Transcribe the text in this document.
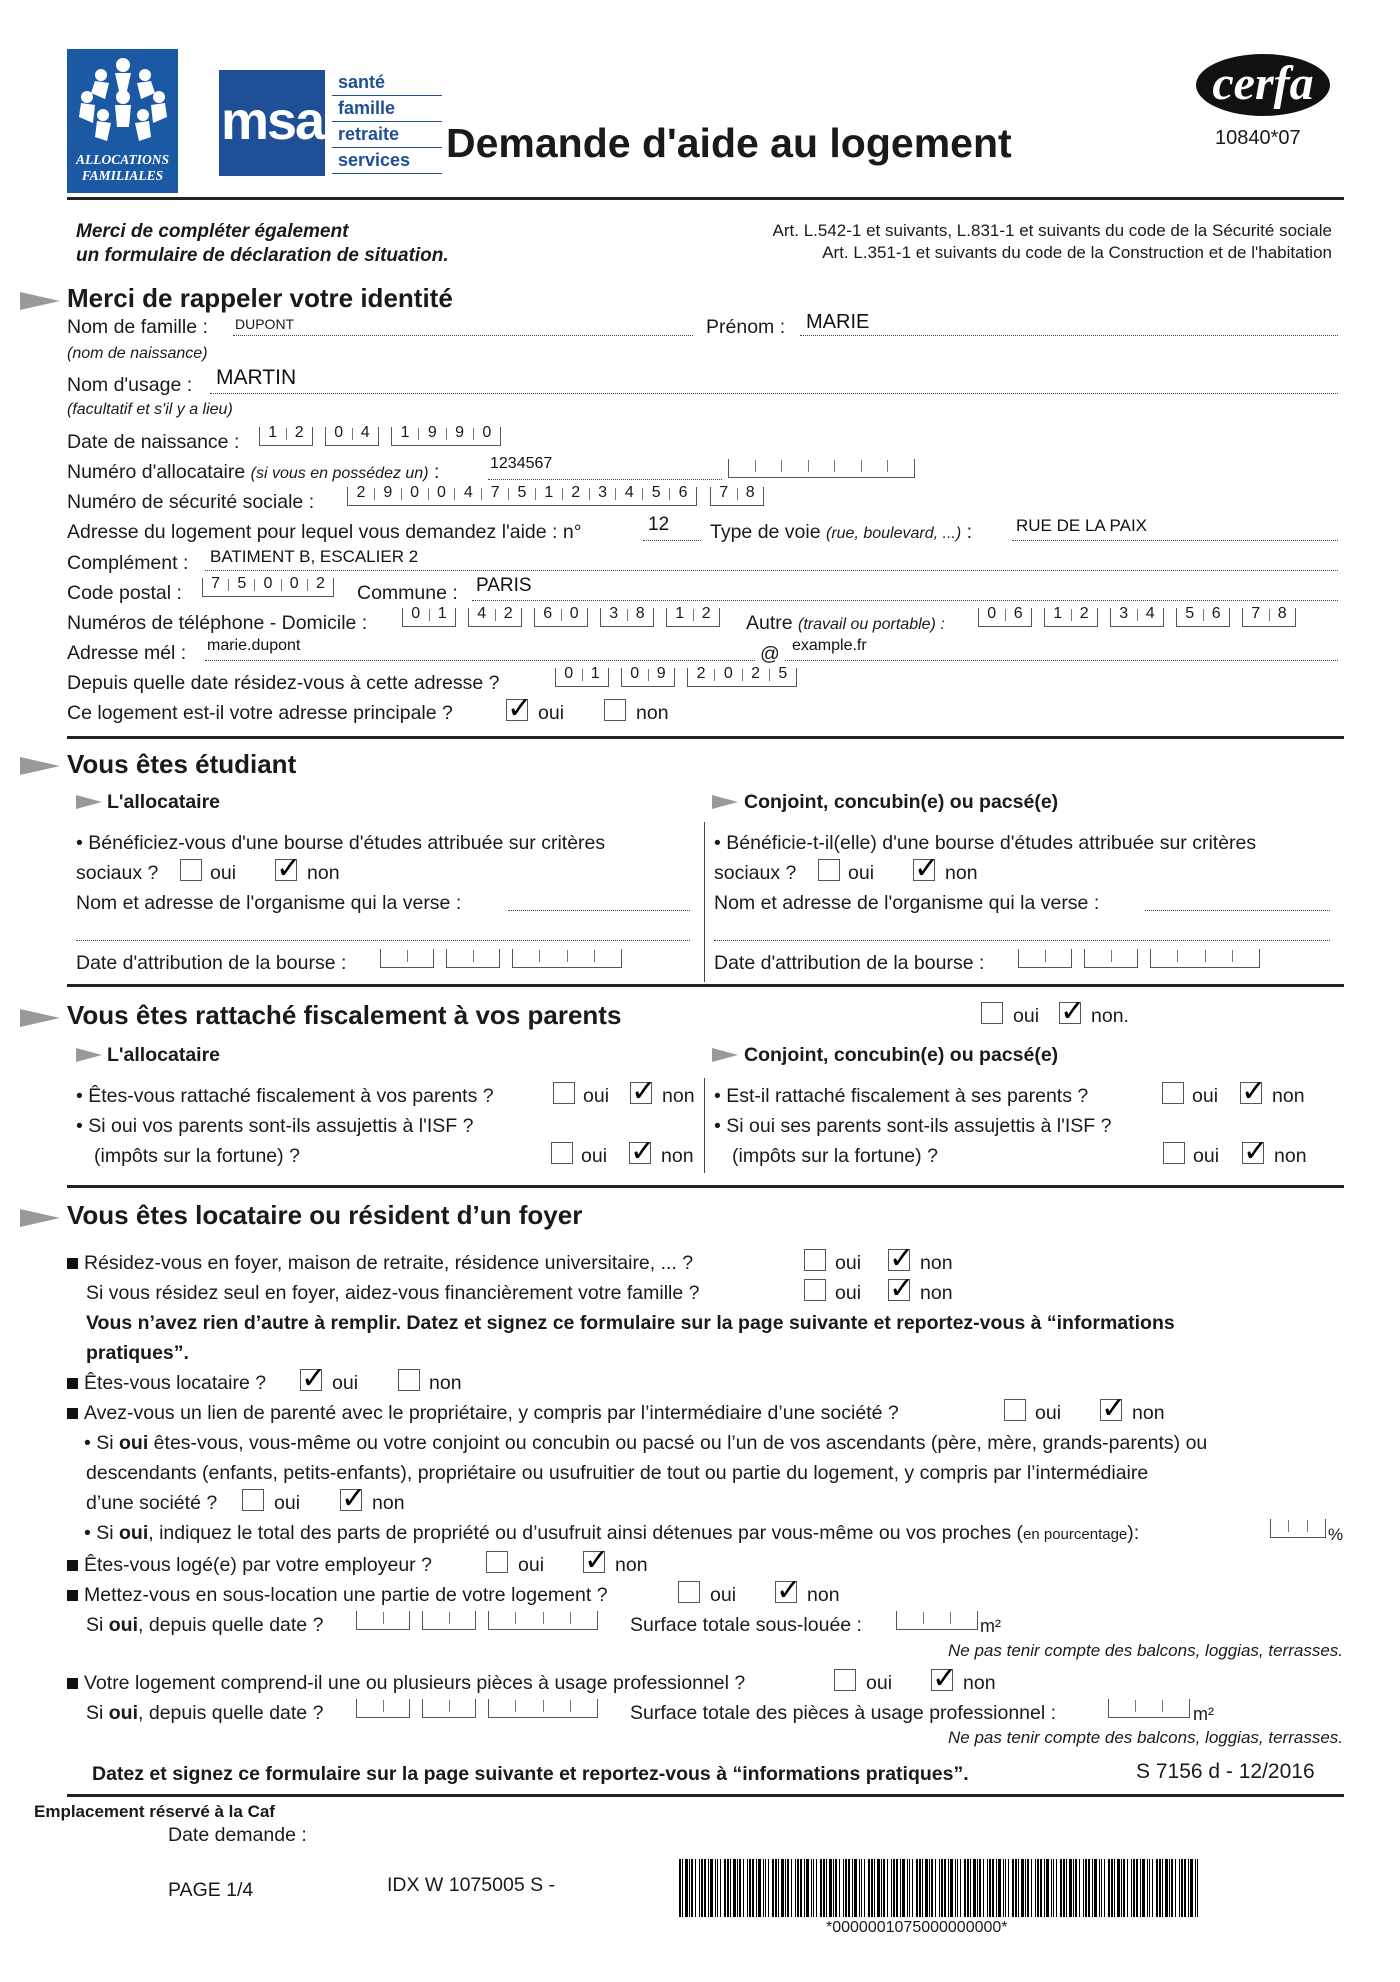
ALLOCATIONS FAMILIALES
msa
santé
famille
retraite
services Demande d'aide au logement
cerfa
10840*07
Merci de compléter également
un formulaire de déclaration de situation.
Art. L.542-1 et suivants, L.831-1 et suivants du code de la Sécurité sociale
Art. L.351-1 et suivants du code de la Construction et de l'habitation
Merci de rappeler votre identité
Nom de famille : DUPONT	Prénom : MARIE
(nom de naissance)
Nom d'usage : MARTIN
(facultatif et s'il y a lieu)
Date de naissance :	1	2	0	4	1	9	9	0
Numéro d'allocataire (si vous en possédez un) :	1234567
Numéro de sécurité sociale :	2	9	0	0	4	7	5	1	2	3	4	5	6	7	8
Adresse du logement pour lequel vous demandez l'aide : n°	12 Type de voie (rue, boulevard, ...) :	RUE DE LA PAIX
Complément : BATIMENT B, ESCALIER 2
Code postal :	7	5	0	0	2	Commune : PARIS
Numéros de téléphone - Domicile :	0	1	4	2	6	0	3	8	1	2	Autre (travail ou portable) :
0	6	1	2	3	4	5	6	7	8
Adresse mél : marie.dupont	@ example.fr
Depuis quelle date résidez-vous à cette adresse ?	0	1	0	9	2	0	2	5
Ce logement est-il votre adresse principale ? ✓	oui	non
Vous êtes étudiant
L'allocataire	Conjoint, concubin(e) ou pacsé(e)
• Bénéficiez-vous d'une bourse d'études attribuée sur critères
sociaux ?	oui ✓	non
Nom et adresse de l'organisme qui la verse :
Date d'attribution de la bourse :
• Bénéficie-t-il(elle) d'une bourse d'études attribuée sur critères
sociaux ?	oui ✓	non
Nom et adresse de l'organisme qui la verse :
Date d'attribution de la bourse :
Vous êtes rattaché fiscalement à vos parents	oui ✓	non.
L'allocataire	Conjoint, concubin(e) ou pacsé(e)
• Êtes-vous rattaché fiscalement à vos parents ?	oui ✓	non
• Si oui vos parents sont-ils assujettis à l'ISF ?
(impôts sur la fortune) ?	oui ✓	non
• Est-il rattaché fiscalement à ses parents ?	oui ✓	non
• Si oui ses parents sont-ils assujettis à l'ISF ?
(impôts sur la fortune) ?	oui ✓	non
Vous êtes locataire ou résident d’un foyer
Résidez-vous en foyer, maison de retraite, résidence universitaire, ... ?	oui ✓	non
Si vous résidez seul en foyer, aidez-vous financièrement votre famille ?	oui ✓	non
Vous n’avez rien d’autre à remplir. Datez et signez ce formulaire sur la page suivante et reportez-vous à “informations
pratiques”.
Êtes-vous locataire ? ✓	oui	non
Avez-vous un lien de parenté avec le propriétaire, y compris par l’intermédiaire d’une société ?	oui ✓	non
• Si oui êtes-vous, vous-même ou votre conjoint ou concubin ou pacsé ou l’un de vos ascendants (père, mère, grands-parents) ou
descendants (enfants, petits-enfants), propriétaire ou usufruitier de tout ou partie du logement, y compris par l’intermédiaire
d’une société ?	oui ✓	non
• Si oui, indiquez le total des parts de propriété ou d’usufruit ainsi détenues par vous-même ou vos proches (en pourcentage):	%
Êtes-vous logé(e) par votre employeur ?	oui ✓	non
Mettez-vous en sous-location une partie de votre logement ?	oui ✓	non
Si oui, depuis quelle date ?	Surface totale sous-louée :	m²
Ne pas tenir compte des balcons, loggias, terrasses.
Votre logement comprend-il une ou plusieurs pièces à usage professionnel ?	oui ✓	non
Si oui, depuis quelle date ?	Surface totale des pièces à usage professionnel :	m²
Ne pas tenir compte des balcons, loggias, terrasses.
Datez et signez ce formulaire sur la page suivante et reportez-vous à “informations pratiques”.	S 7156 d - 12/2016
Emplacement réservé à la Caf
Date demande :
PAGE 1/4	IDX W 1075005 S -
*0000001075000000000*
